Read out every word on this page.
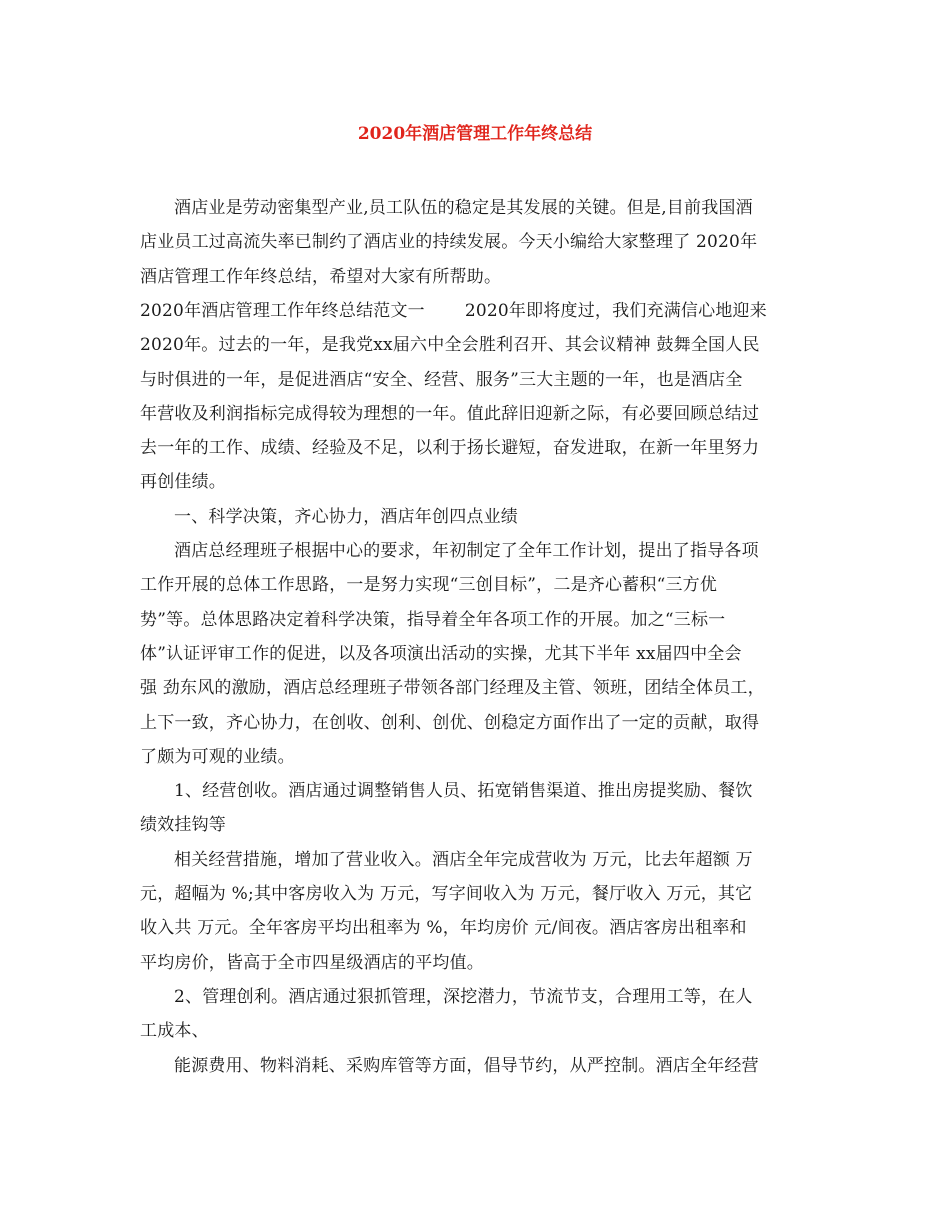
2020年酒店管理工作年终总结

酒店业是劳动密集型产业,员工队伍的稳定是其发展的关键。但是,目前我国酒

店业员工过高流失率已制约了酒店业的持续发展。今天小编给大家整理了 2020年

酒店管理工作年终总结，希望对大家有所帮助。

2020年酒店管理工作年终总结范文一　　 2020年即将度过，我们充满信心地迎来

2020年。过去的一年，是我党xx届六中全会胜利召开、其会议精神 鼓舞全国人民

与时俱进的一年，是促进酒店“安全、经营、服务”三大主题的一年，也是酒店全

年营收及利润指标完成得较为理想的一年。值此辞旧迎新之际，有必要回顾总结过

去一年的工作、成绩、经验及不足，以利于扬长避短，奋发进取，在新一年里努力

再创佳绩。

一、科学决策，齐心协力，酒店年创四点业绩

酒店总经理班子根据中心的要求，年初制定了全年工作计划，提出了指导各项

工作开展的总体工作思路，一是努力实现“三创目标”，二是齐心蓄积“三方优

势”等。总体思路决定着科学决策，指导着全年各项工作的开展。加之“三标一

体”认证评审工作的促进，以及各项演出活动的实操，尤其下半年 xx届四中全会

强 劲东风的激励，酒店总经理班子带领各部门经理及主管、领班，团结全体员工，

上下一致，齐心协力，在创收、创利、创优、创稳定方面作出了一定的贡献，取得

了颇为可观的业绩。

1、经营创收。酒店通过调整销售人员、拓宽销售渠道、推出房提奖励、餐饮

绩效挂钩等

相关经营措施，增加了营业收入。酒店全年完成营收为 万元，比去年超额 万

元，超幅为 %;其中客房收入为 万元，写字间收入为 万元，餐厅收入 万元，其它

收入共 万元。全年客房平均出租率为 %，年均房价 元/间夜。酒店客房出租率和

平均房价，皆高于全市四星级酒店的平均值。

2、管理创利。酒店通过狠抓管理，深挖潜力，节流节支，合理用工等，在人

工成本、

能源费用、物料消耗、采购库管等方面，倡导节约，从严控制。酒店全年经营
